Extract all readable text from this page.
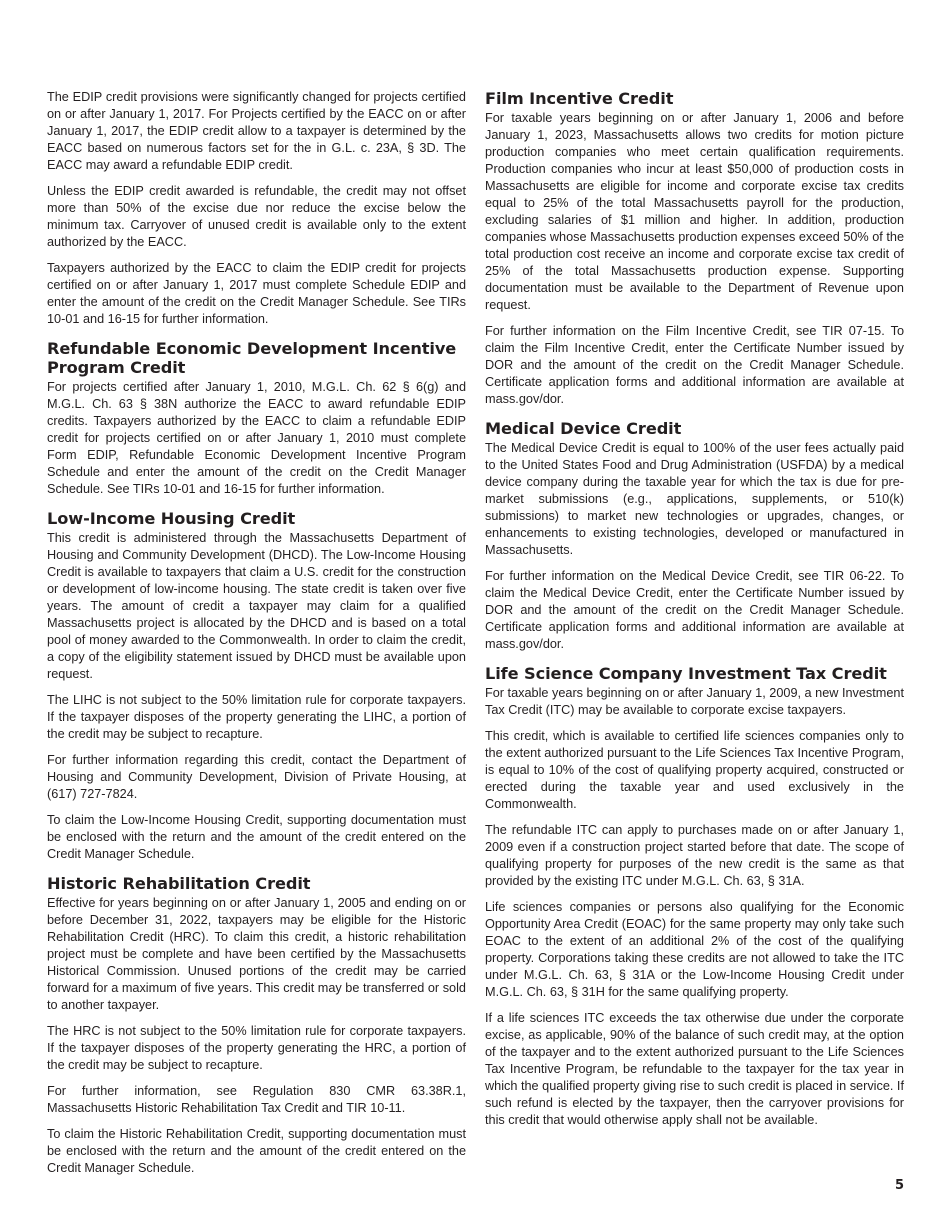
The EDIP credit provisions were significantly changed for projects certified on or after January 1, 2017. For Projects certified by the EACC on or after January 1, 2017, the EDIP credit allow to a taxpayer is determined by the EACC based on numerous factors set for the in G.L. c. 23A, § 3D. The EACC may award a refundable EDIP credit.

Unless the EDIP credit awarded is refundable, the credit may not offset more than 50% of the excise due nor reduce the excise below the minimum tax. Carryover of unused credit is available only to the extent authorized by the EACC.

Taxpayers authorized by the EACC to claim the EDIP credit for projects certified on or after January 1, 2017 must complete Schedule EDIP and enter the amount of the credit on the Credit Manager Schedule. See TIRs 10-01 and 16-15 for further information.

Refundable Economic Development Incentive Program Credit

For projects certified after January 1, 2010, M.G.L. Ch. 62 § 6(g) and M.G.L. Ch. 63 § 38N authorize the EACC to award refundable EDIP credits. Taxpayers authorized by the EACC to claim a refundable EDIP credit for projects certified on or after January 1, 2010 must complete Form EDIP, Refundable Economic Development Incentive Program Schedule and enter the amount of the credit on the Credit Manager Schedule. See TIRs 10-01 and 16-15 for further information.

Low-Income Housing Credit

This credit is administered through the Massachusetts Department of Housing and Community Development (DHCD). The Low-Income Housing Credit is available to taxpayers that claim a U.S. credit for the construction or development of low-income housing. The state credit is taken over five years. The amount of credit a taxpayer may claim for a qualified Massachusetts project is allocated by the DHCD and is based on a total pool of money awarded to the Commonwealth. In order to claim the credit, a copy of the eligibility statement issued by DHCD must be available upon request.

The LIHC is not subject to the 50% limitation rule for corporate taxpayers. If the taxpayer disposes of the property generating the LIHC, a portion of the credit may be subject to recapture.

For further information regarding this credit, contact the Department of Housing and Community Development, Division of Private Housing, at (617) 727-7824.

To claim the Low-Income Housing Credit, supporting documentation must be enclosed with the return and the amount of the credit entered on the Credit Manager Schedule.

Historic Rehabilitation Credit

Effective for years beginning on or after January 1, 2005 and ending on or before December 31, 2022, taxpayers may be eligible for the Historic Rehabilitation Credit (HRC). To claim this credit, a historic rehabilitation project must be complete and have been certified by the Massachusetts Historical Commission. Unused portions of the credit may be carried forward for a maximum of five years. This credit may be transferred or sold to another taxpayer.

The HRC is not subject to the 50% limitation rule for corporate taxpayers. If the taxpayer disposes of the property generating the HRC, a portion of the credit may be subject to recapture.

For further information, see Regulation 830 CMR 63.38R.1, Massachusetts Historic Rehabilitation Tax Credit and TIR 10-11.

To claim the Historic Rehabilitation Credit, supporting documentation must be enclosed with the return and the amount of the credit entered on the Credit Manager Schedule.

Film Incentive Credit

For taxable years beginning on or after January 1, 2006 and before January 1, 2023, Massachusetts allows two credits for motion picture production companies who meet certain qualification requirements. Production companies who incur at least $50,000 of production costs in Massachusetts are eligible for income and corporate excise tax credits equal to 25% of the total Massachusetts payroll for the production, excluding salaries of $1 million and higher. In addition, production companies whose Massachusetts production expenses exceed 50% of the total production cost receive an income and corporate excise tax credit of 25% of the total Massachusetts production expense. Supporting documentation must be available to the Department of Revenue upon request.

For further information on the Film Incentive Credit, see TIR 07-15. To claim the Film Incentive Credit, enter the Certificate Number issued by DOR and the amount of the credit on the Credit Manager Schedule. Certificate application forms and additional information are available at mass.gov/dor.

Medical Device Credit

The Medical Device Credit is equal to 100% of the user fees actually paid to the United States Food and Drug Administration (USFDA) by a medical device company during the taxable year for which the tax is due for pre-market submissions (e.g., applications, supplements, or 510(k) submissions) to market new technologies or upgrades, changes, or enhancements to existing technologies, developed or manufactured in Massachusetts.

For further information on the Medical Device Credit, see TIR 06-22. To claim the Medical Device Credit, enter the Certificate Number issued by DOR and the amount of the credit on the Credit Manager Schedule. Certificate application forms and additional information are available at mass.gov/dor.

Life Science Company Investment Tax Credit

For taxable years beginning on or after January 1, 2009, a new Investment Tax Credit (ITC) may be available to corporate excise taxpayers.

This credit, which is available to certified life sciences companies only to the extent authorized pursuant to the Life Sciences Tax Incentive Program, is equal to 10% of the cost of qualifying property acquired, constructed or erected during the taxable year and used exclusively in the Commonwealth.

The refundable ITC can apply to purchases made on or after January 1, 2009 even if a construction project started before that date. The scope of qualifying property for purposes of the new credit is the same as that provided by the existing ITC under M.G.L. Ch. 63, § 31A.

Life sciences companies or persons also qualifying for the Economic Opportunity Area Credit (EOAC) for the same property may only take such EOAC to the extent of an additional 2% of the cost of the qualifying property. Corporations taking these credits are not allowed to take the ITC under M.G.L. Ch. 63, § 31A or the Low-Income Housing Credit under M.G.L. Ch. 63, § 31H for the same qualifying property.

If a life sciences ITC exceeds the tax otherwise due under the corporate excise, as applicable, 90% of the balance of such credit may, at the option of the taxpayer and to the extent authorized pursuant to the Life Sciences Tax Incentive Program, be refundable to the taxpayer for the tax year in which the qualified property giving rise to such credit is placed in service. If such refund is elected by the taxpayer, then the carryover provisions for this credit that would otherwise apply shall not be available.

5
